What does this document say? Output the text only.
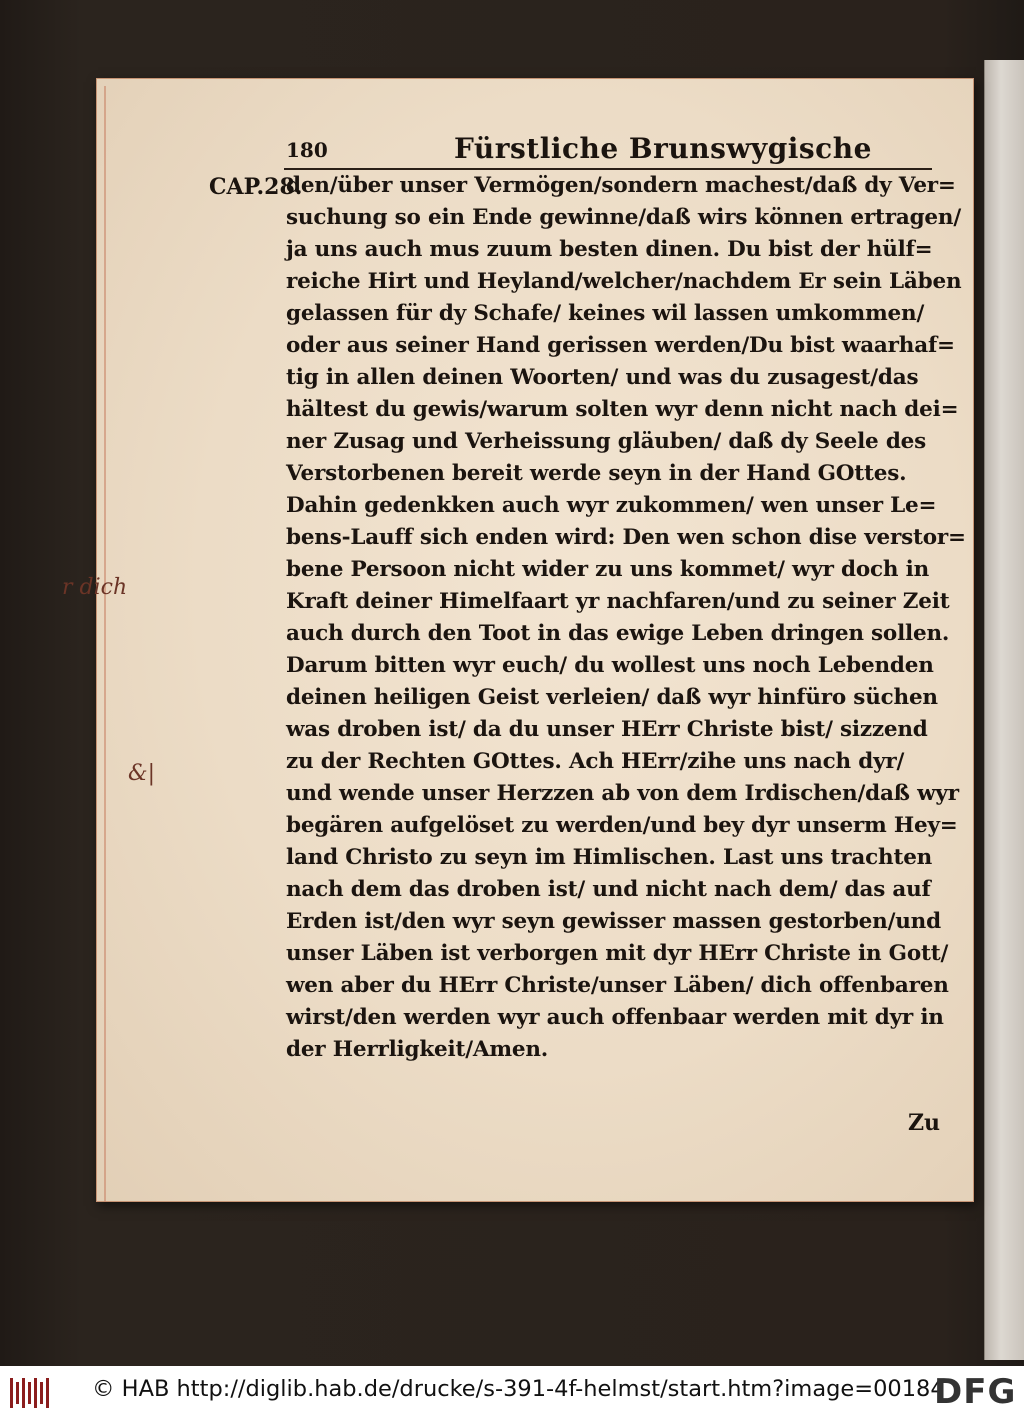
180	Fürstliche Brunswygische
CAP.28.
den/über unser Vermögen/sondern machest/daß dy Ver=
suchung so ein Ende gewinne/daß wirs können ertragen/
ja uns auch mus zuum besten dinen. Du bist der hülf=
reiche Hirt und Heyland/welcher/nachdem Er sein Läben
gelassen für dy Schafe/ keines wil lassen umkommen/
oder aus seiner Hand gerissen werden/Du bist waarhaf=
tig in allen deinen Woorten/ und was du zusagest/das
hältest du gewis/warum solten wyr denn nicht nach dei=
ner Zusag und Verheissung gläuben/ daß dy Seele des
Verstorbenen bereit werde seyn in der Hand GOttes.
Dahin gedenkken auch wyr zukommen/ wen unser Le=
bens-Lauff sich enden wird: Den wen schon dise verstor=
bene Persoon nicht wider zu uns kommet/ wyr doch in
Kraft deiner Himelfaart yr nachfaren/und zu seiner Zeit
auch durch den Toot in das ewige Leben dringen sollen.
Darum bitten wyr euch/ du wollest uns noch Lebenden
deinen heiligen Geist verleien/ daß wyr hinfüro süchen
was droben ist/ da du unser HErr Christe bist/ sizzend
zu der Rechten GOttes. Ach HErr/zihe uns nach dyr/
und wende unser Herzzen ab von dem Irdischen/daß wyr
begären aufgelöset zu werden/und bey dyr unserm Hey=
land Christo zu seyn im Himlischen. Last uns trachten
nach dem das droben ist/ und nicht nach dem/ das auf
Erden ist/den wyr seyn gewisser massen gestorben/und
unser Läben ist verborgen mit dyr HErr Christe in Gott/
wen aber du HErr Christe/unser Läben/ dich offenbaren
wirst/den werden wyr auch offenbaar werden mit dyr in
der Herrligkeit/Amen.
Zu
r dich
&|
© HAB http://diglib.hab.de/drucke/s-391-4f-helmst/start.htm?image=00184
DFG
